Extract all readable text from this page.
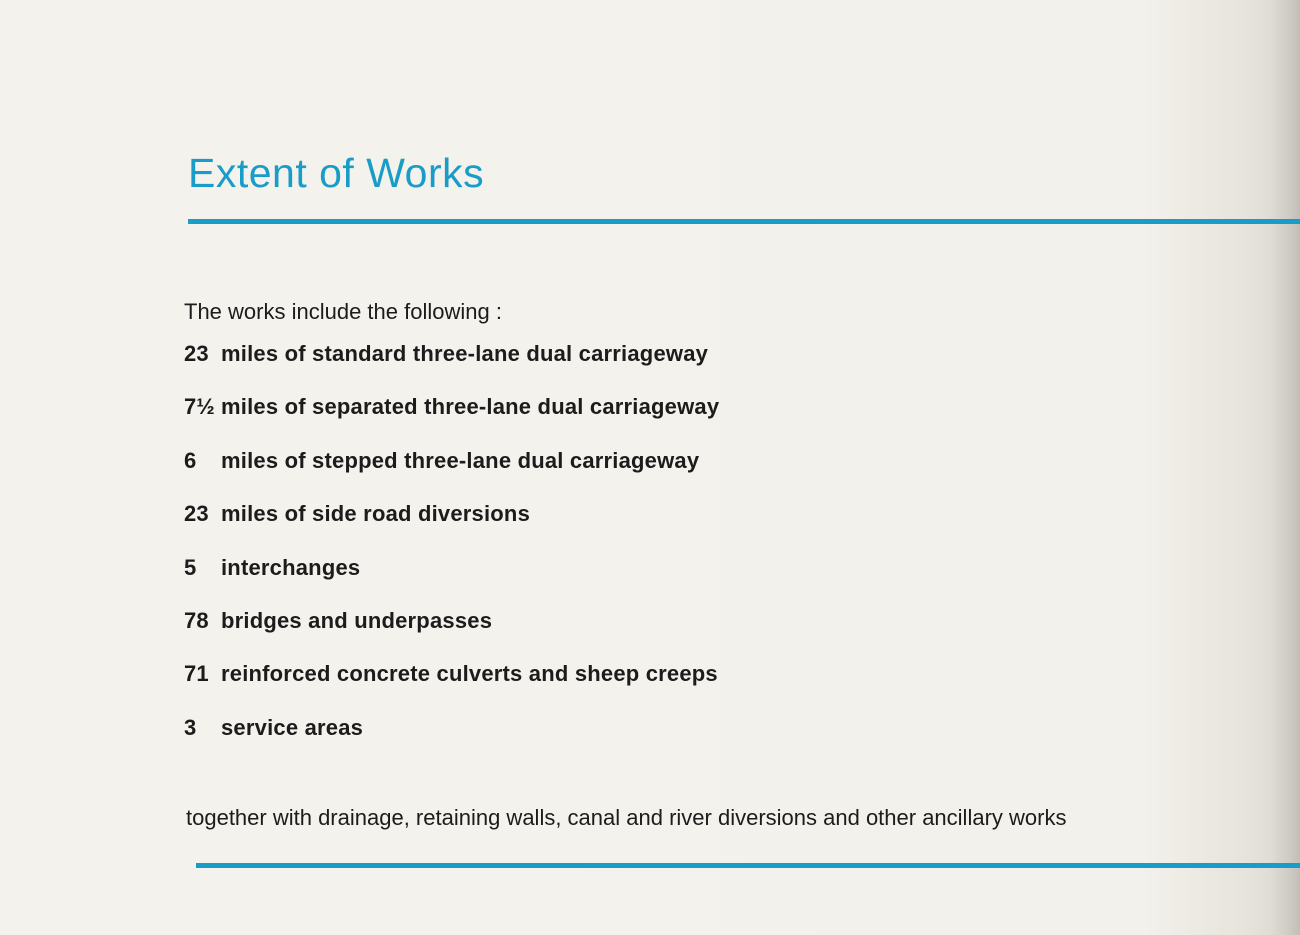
Extent of Works

The works include the following :

23 miles of standard three-lane dual carriageway
7½ miles of separated three-lane dual carriageway
6	miles of stepped three-lane dual carriageway
23 miles of side road diversions
5	interchanges
78 bridges and underpasses
71 reinforced concrete culverts and sheep creeps
3	service areas

together with drainage, retaining walls, canal and river diversions and other ancillary works
